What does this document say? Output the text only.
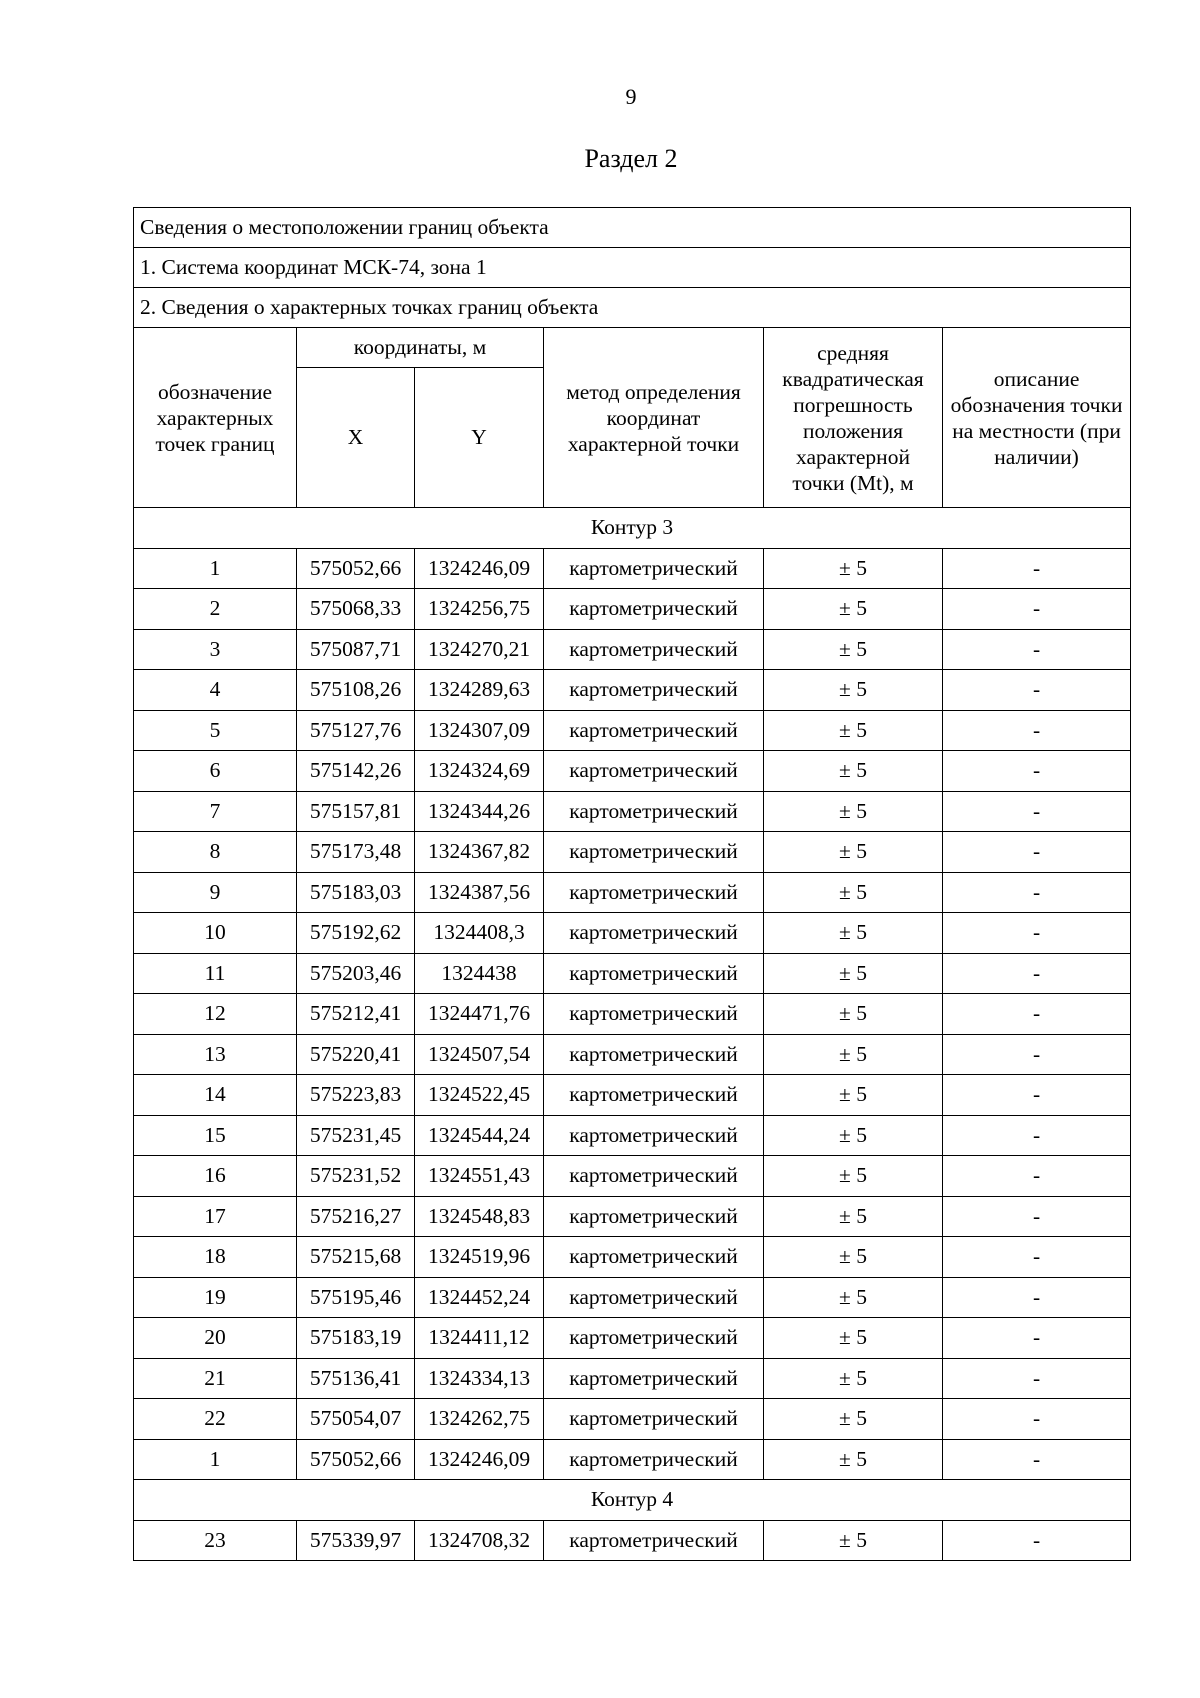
9
Раздел 2
Сведения о местоположении границ объекта					
1. Система координат МСК-74, зона 1					
2. Сведения о характерных точках границ объекта					
обозначение характерных точек границ	координаты, м		метод определения координат характерной точки	средняя квадратическая погрешность положения характерной точки (Mt), м	описание обозначения точки на местности (при наличии)
	X	Y			
Контур 3					
1	575052,66	1324246,09	картометрический	± 5	-
2	575068,33	1324256,75	картометрический	± 5	-
3	575087,71	1324270,21	картометрический	± 5	-
4	575108,26	1324289,63	картометрический	± 5	-
5	575127,76	1324307,09	картометрический	± 5	-
6	575142,26	1324324,69	картометрический	± 5	-
7	575157,81	1324344,26	картометрический	± 5	-
8	575173,48	1324367,82	картометрический	± 5	-
9	575183,03	1324387,56	картометрический	± 5	-
10	575192,62	1324408,3	картометрический	± 5	-
11	575203,46	1324438	картометрический	± 5	-
12	575212,41	1324471,76	картометрический	± 5	-
13	575220,41	1324507,54	картометрический	± 5	-
14	575223,83	1324522,45	картометрический	± 5	-
15	575231,45	1324544,24	картометрический	± 5	-
16	575231,52	1324551,43	картометрический	± 5	-
17	575216,27	1324548,83	картометрический	± 5	-
18	575215,68	1324519,96	картометрический	± 5	-
19	575195,46	1324452,24	картометрический	± 5	-
20	575183,19	1324411,12	картометрический	± 5	-
21	575136,41	1324334,13	картометрический	± 5	-
22	575054,07	1324262,75	картометрический	± 5	-
1	575052,66	1324246,09	картометрический	± 5	-
Контур 4					
23	575339,97	1324708,32	картометрический	± 5	-
